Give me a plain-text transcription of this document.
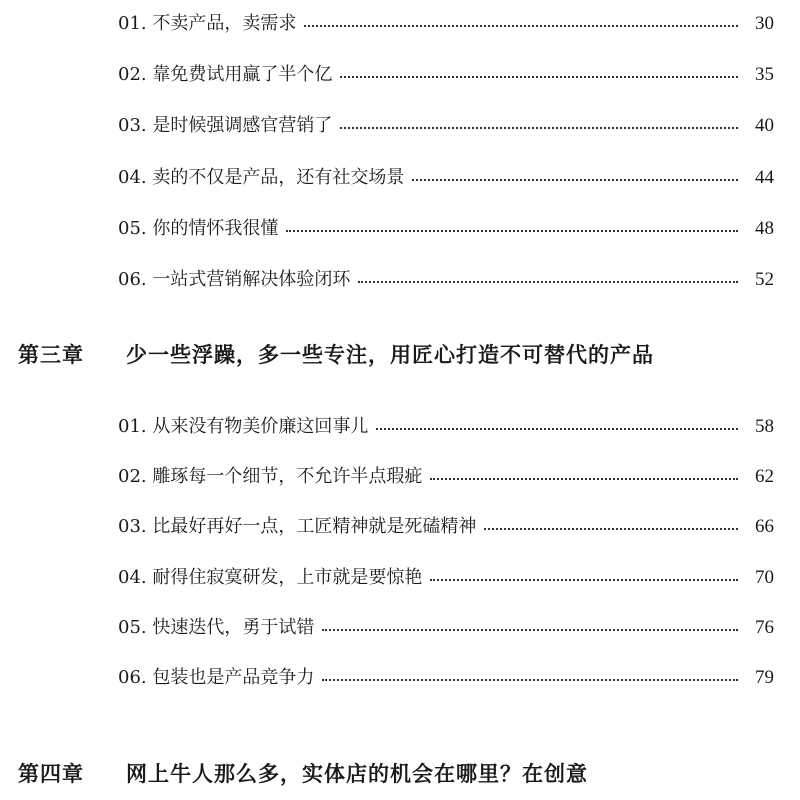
01. 不卖产品，卖需求	30
02. 靠免费试用赢了半个亿	35
03. 是时候强调感官营销了	40
04. 卖的不仅是产品，还有社交场景	44
05. 你的情怀我很懂	48
06. 一站式营销解决体验闭环	52
第三章	少一些浮躁，多一些专注，用匠心打造不可替代的产品
01. 从来没有物美价廉这回事儿	58
02. 雕琢每一个细节，不允许半点瑕疵	62
03. 比最好再好一点，工匠精神就是死磕精神	66
04. 耐得住寂寞研发，上市就是要惊艳	70
05. 快速迭代，勇于试错	76
06. 包装也是产品竞争力	79
第四章	网上牛人那么多，实体店的机会在哪里？在创意
